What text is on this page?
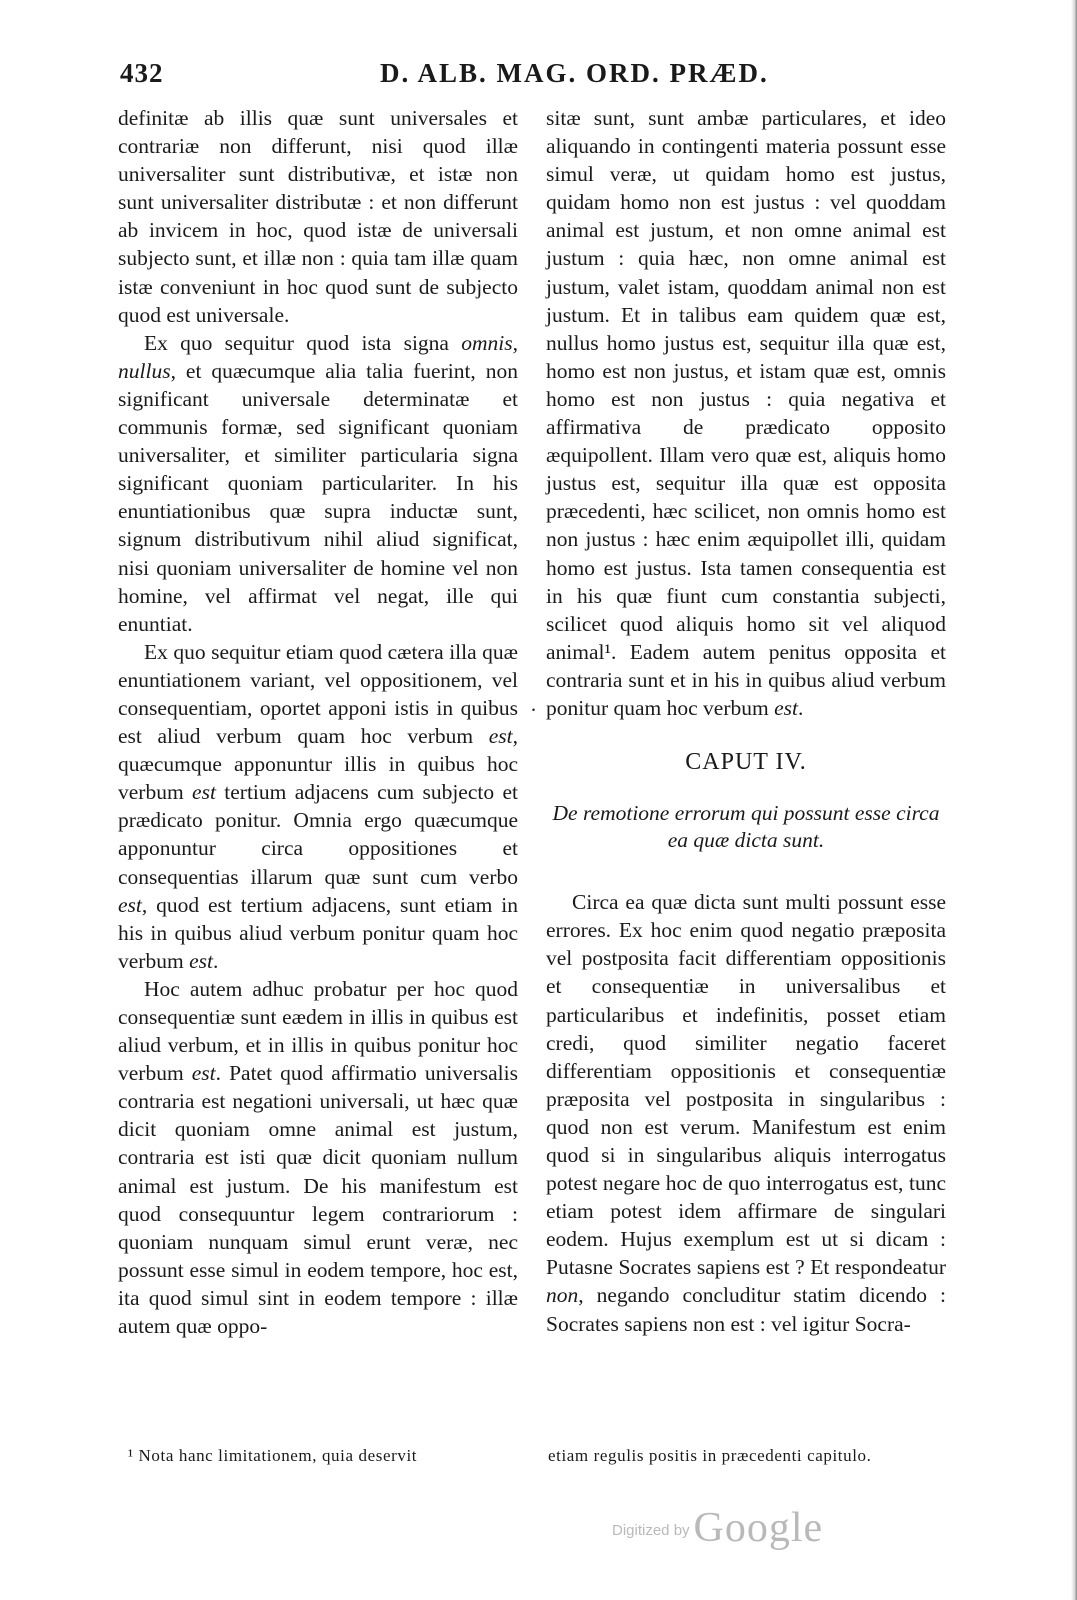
432	D. ALB. MAG. ORD. PRÆD.

definitæ ab illis quæ sunt universales et contrariæ non differunt, nisi quod illæ universaliter sunt distributivæ, et istæ non sunt universaliter distributæ : et non differunt ab invicem in hoc, quod istæ de universali subjecto sunt, et illæ non : quia tam illæ quam istæ conveniunt in hoc quod sunt de subjecto quod est universale.

Ex quo sequitur quod ista signa omnis, nullus, et quæcumque alia talia fuerint, non significant universale determinatæ et communis formæ, sed significant quoniam universaliter, et similiter particularia signa significant quoniam particulariter. In his enuntiationibus quæ supra inductæ sunt, signum distributivum nihil aliud significat, nisi quoniam universaliter de homine vel non homine, vel affirmat vel negat, ille qui enuntiat.

Ex quo sequitur etiam quod cætera illa quæ enuntiationem variant, vel oppositionem, vel consequentiam, oportet apponi istis in quibus est aliud verbum quam hoc verbum est, quæcumque apponuntur illis in quibus hoc verbum est tertium adjacens cum subjecto et prædicato ponitur. Omnia ergo quæcumque apponuntur circa oppositiones et consequentias illarum quæ sunt cum verbo est, quod est tertium adjacens, sunt etiam in his in quibus aliud verbum ponitur quam hoc verbum est.

Hoc autem adhuc probatur per hoc quod consequentiæ sunt eædem in illis in quibus est aliud verbum, et in illis in quibus ponitur hoc verbum est. Patet quod affirmatio universalis contraria est negationi universali, ut hæc quæ dicit quoniam omne animal est justum, contraria est isti quæ dicit quoniam nullum animal est justum. De his manifestum est quod consequuntur legem contrariorum : quoniam nunquam simul erunt veræ, nec possunt esse simul in eodem tempore, hoc est, ita quod simul sint in eodem tempore : illæ autem quæ oppo-

·

sitæ sunt, sunt ambæ particulares, et ideo aliquando in contingenti materia possunt esse simul veræ, ut quidam homo est justus, quidam homo non est justus : vel quoddam animal est justum, et non omne animal est justum : quia hæc, non omne animal est justum, valet istam, quoddam animal non est justum. Et in talibus eam quidem quæ est, nullus homo justus est, sequitur illa quæ est, homo est non justus, et istam quæ est, omnis homo est non justus : quia negativa et affirmativa de prædicato opposito æquipollent. Illam vero quæ est, aliquis homo justus est, sequitur illa quæ est opposita præcedenti, hæc scilicet, non omnis homo est non justus : hæc enim æquipollet illi, quidam homo est justus. Ista tamen consequentia est in his quæ fiunt cum constantia subjecti, scilicet quod aliquis homo sit vel aliquod animal¹. Eadem autem penitus opposita et contraria sunt et in his in quibus aliud verbum ponitur quam hoc verbum est.

CAPUT IV.
De remotione errorum qui possunt esse circa ea quæ dicta sunt.

Circa ea quæ dicta sunt multi possunt esse errores. Ex hoc enim quod negatio præposita vel postposita facit differentiam oppositionis et consequentiæ in universalibus et particularibus et indefinitis, posset etiam credi, quod similiter negatio faceret differentiam oppositionis et consequentiæ præposita vel postposita in singularibus : quod non est verum. Manifestum est enim quod si in singularibus aliquis interrogatus potest negare hoc de quo interrogatus est, tunc etiam potest idem affirmare de singulari eodem. Hujus exemplum est ut si dicam : Putasne Socrates sapiens est ? Et respondeatur non, negando concluditur statim dicendo : Socrates sapiens non est : vel igitur Socra-

¹ Nota hanc limitationem, quia deservit	etiam regulis positis in præcedenti capitulo.
Digitized by Google
